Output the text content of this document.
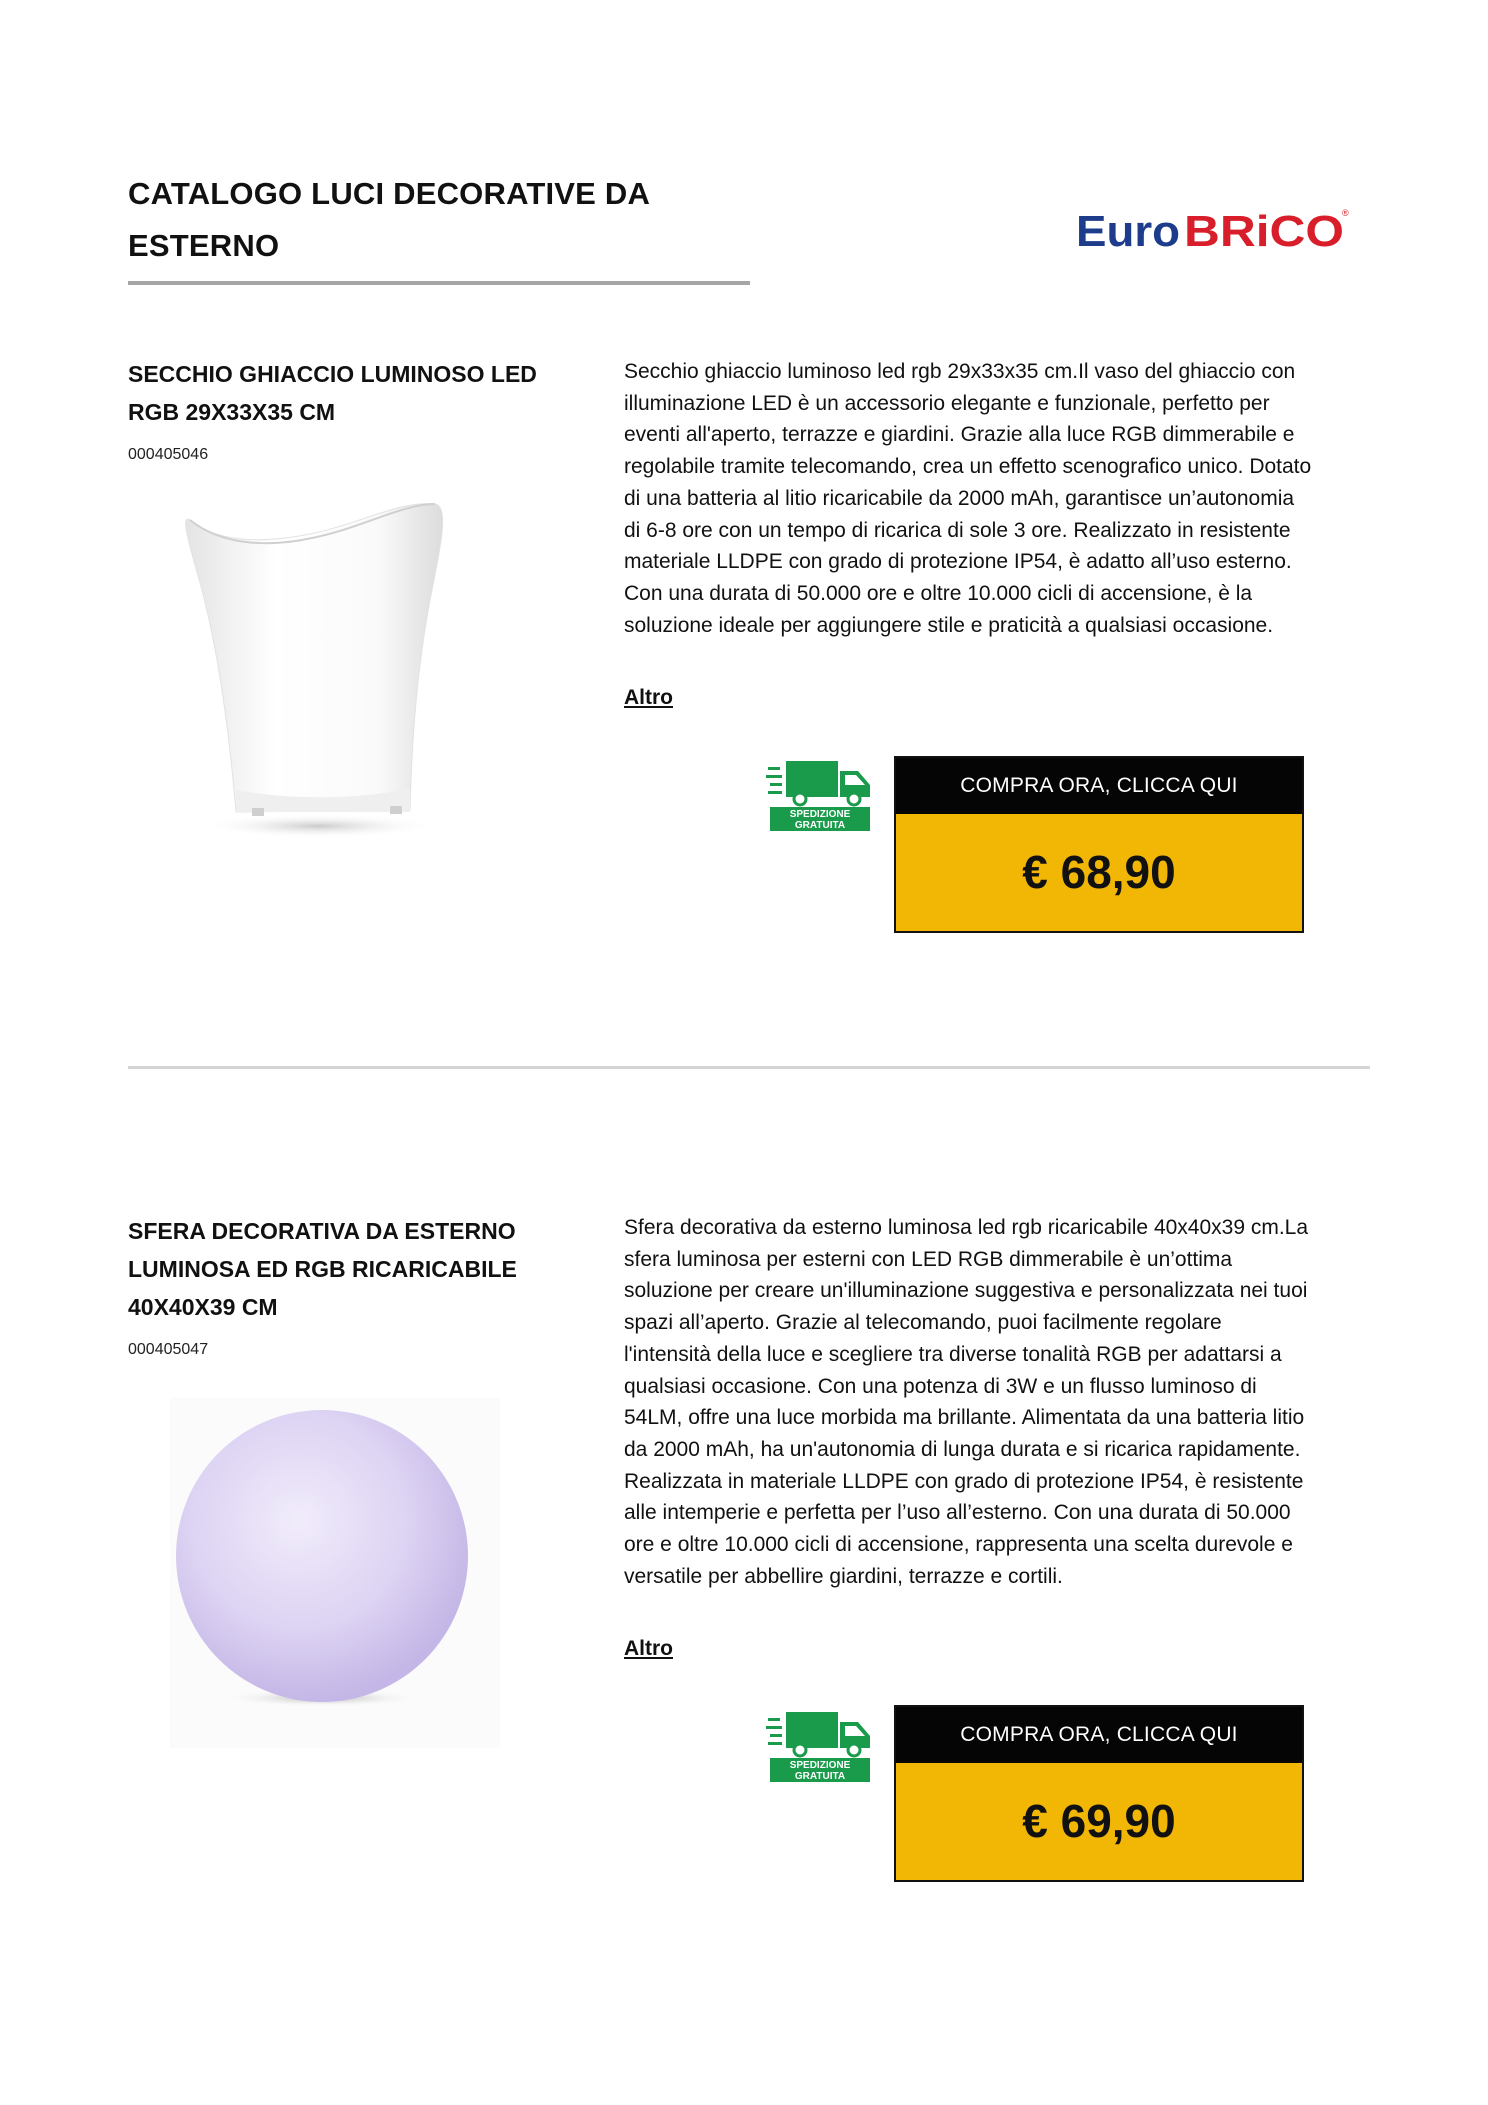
CATALOGO LUCI DECORATIVE DA ESTERNO	Euro BRiCO
®
SECCHIO GHIACCIO LUMINOSO LED RGB 29X33X35 CM
000405046

Secchio ghiaccio luminoso led rgb 29x33x35 cm.Il vaso del ghiaccio con illuminazione LED è un accessorio elegante e funzionale, perfetto per eventi all'aperto, terrazze e giardini. Grazie alla luce RGB dimmerabile e regolabile tramite telecomando, crea un effetto scenografico unico. Dotato di una batteria al litio ricaricabile da 2000 mAh, garantisce un’autonomia di 6-8 ore con un tempo di ricarica di sole 3 ore. Realizzato in resistente materiale LLDPE con grado di protezione IP54, è adatto all’uso esterno. Con una durata di 50.000 ore e oltre 10.000 cicli di accensione, è la soluzione ideale per aggiungere stile e praticità a qualsiasi occasione.

Altro
SPEDIZIONE
GRATUITA
COMPRA ORA, CLICCA QUI
€ 68,90
SFERA DECORATIVA DA ESTERNO LUMINOSA ED RGB RICARICABILE 40X40X39 CM
000405047

Sfera decorativa da esterno luminosa led rgb ricaricabile 40x40x39 cm.La sfera luminosa per esterni con LED RGB dimmerabile è un’ottima soluzione per creare un'illuminazione suggestiva e personalizzata nei tuoi spazi all’aperto. Grazie al telecomando, puoi facilmente regolare l'intensità della luce e scegliere tra diverse tonalità RGB per adattarsi a qualsiasi occasione. Con una potenza di 3W e un flusso luminoso di 54LM, offre una luce morbida ma brillante. Alimentata da una batteria litio da 2000 mAh, ha un'autonomia di lunga durata e si ricarica rapidamente. Realizzata in materiale LLDPE con grado di protezione IP54, è resistente alle intemperie e perfetta per l’uso all’esterno. Con una durata di 50.000 ore e oltre 10.000 cicli di accensione, rappresenta una scelta durevole e versatile per abbellire giardini, terrazze e cortili.

Altro
SPEDIZIONE
GRATUITA
COMPRA ORA, CLICCA QUI
€ 69,90
